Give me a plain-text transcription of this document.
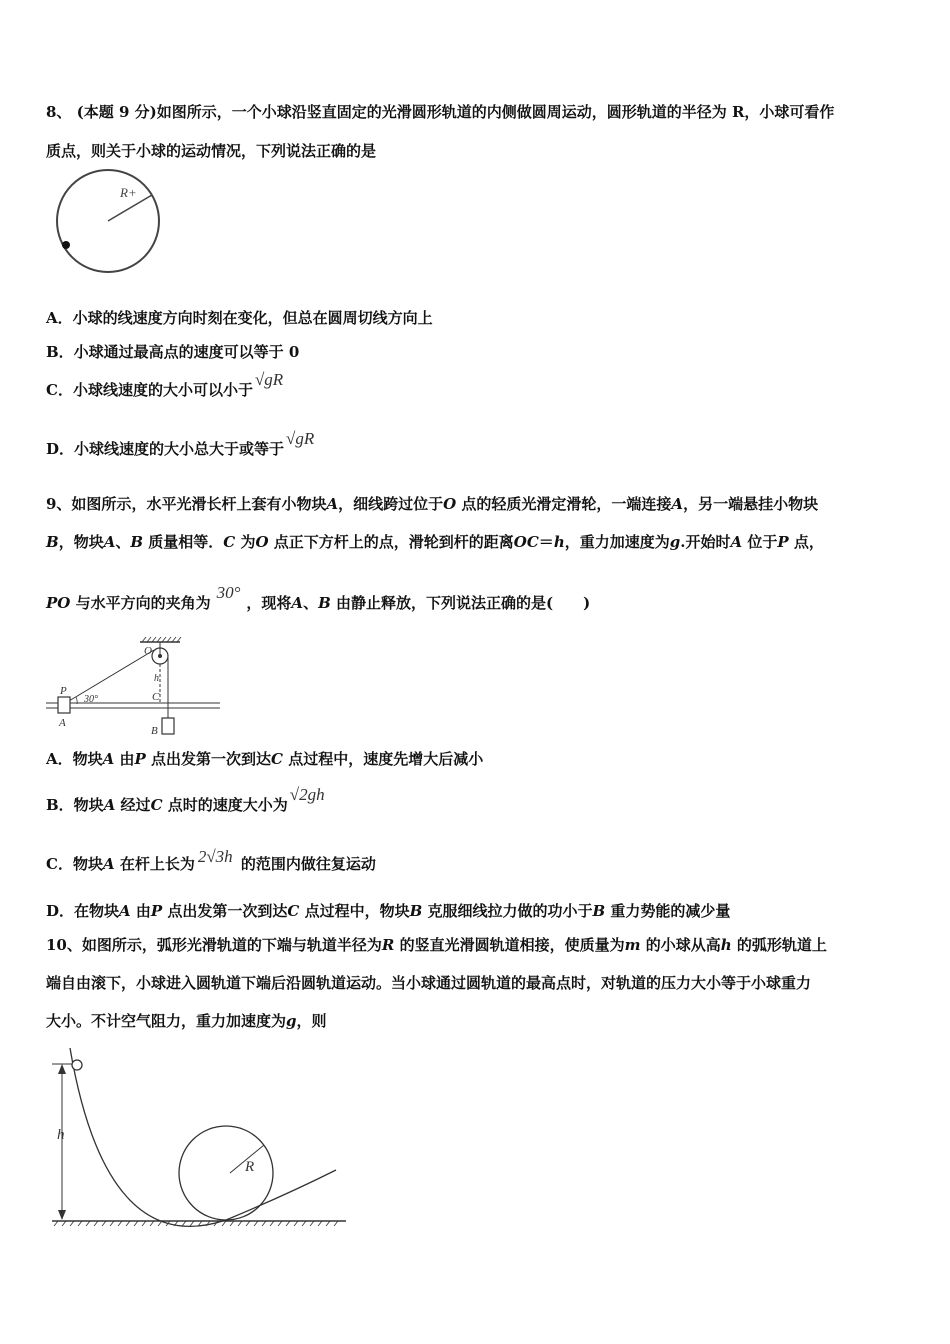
8、 (本题 9 分)如图所示，一个小球沿竖直固定的光滑圆形轨道的内侧做圆周运动，圆形轨道的半径为 R，小球可看作
质点，则关于小球的运动情况，下列说法正确的是
R+
A．小球的线速度方向时刻在变化，但总在圆周切线方向上
B．小球通过最高点的速度可以等于 0
C．小球线速度的大小可以小于√gR
D．小球线速度的大小总大于或等于√gR
9、如图所示，水平光滑长杆上套有小物块A，细线跨过位于O 点的轻质光滑定滑轮，一端连接A，另一端悬挂小物块
B，物块A、B 质量相等．C 为O 点正下方杆上的点，滑轮到杆的距离OC＝h，重力加速度为g.开始时A 位于P 点，
PO 与水平方向的夹角为30°，现将A、B 由静止释放，下列说法正确的是(　　)
O
P
A
B
C
h
30°
A．物块A 由P 点出发第一次到达C 点过程中，速度先增大后减小
B．物块A 经过C 点时的速度大小为√2gh
C．物块A 在杆上长为 2√3h 的范围内做往复运动
D．在物块A 由P 点出发第一次到达C 点过程中，物块B 克服细线拉力做的功小于B 重力势能的减少量
10、如图所示，弧形光滑轨道的下端与轨道半径为R 的竖直光滑圆轨道相接，使质量为m 的小球从高h 的弧形轨道上
端自由滚下，小球进入圆轨道下端后沿圆轨道运动。当小球通过圆轨道的最高点时，对轨道的压力大小等于小球重力
大小。不计空气阻力，重力加速度为g，则
h
R
